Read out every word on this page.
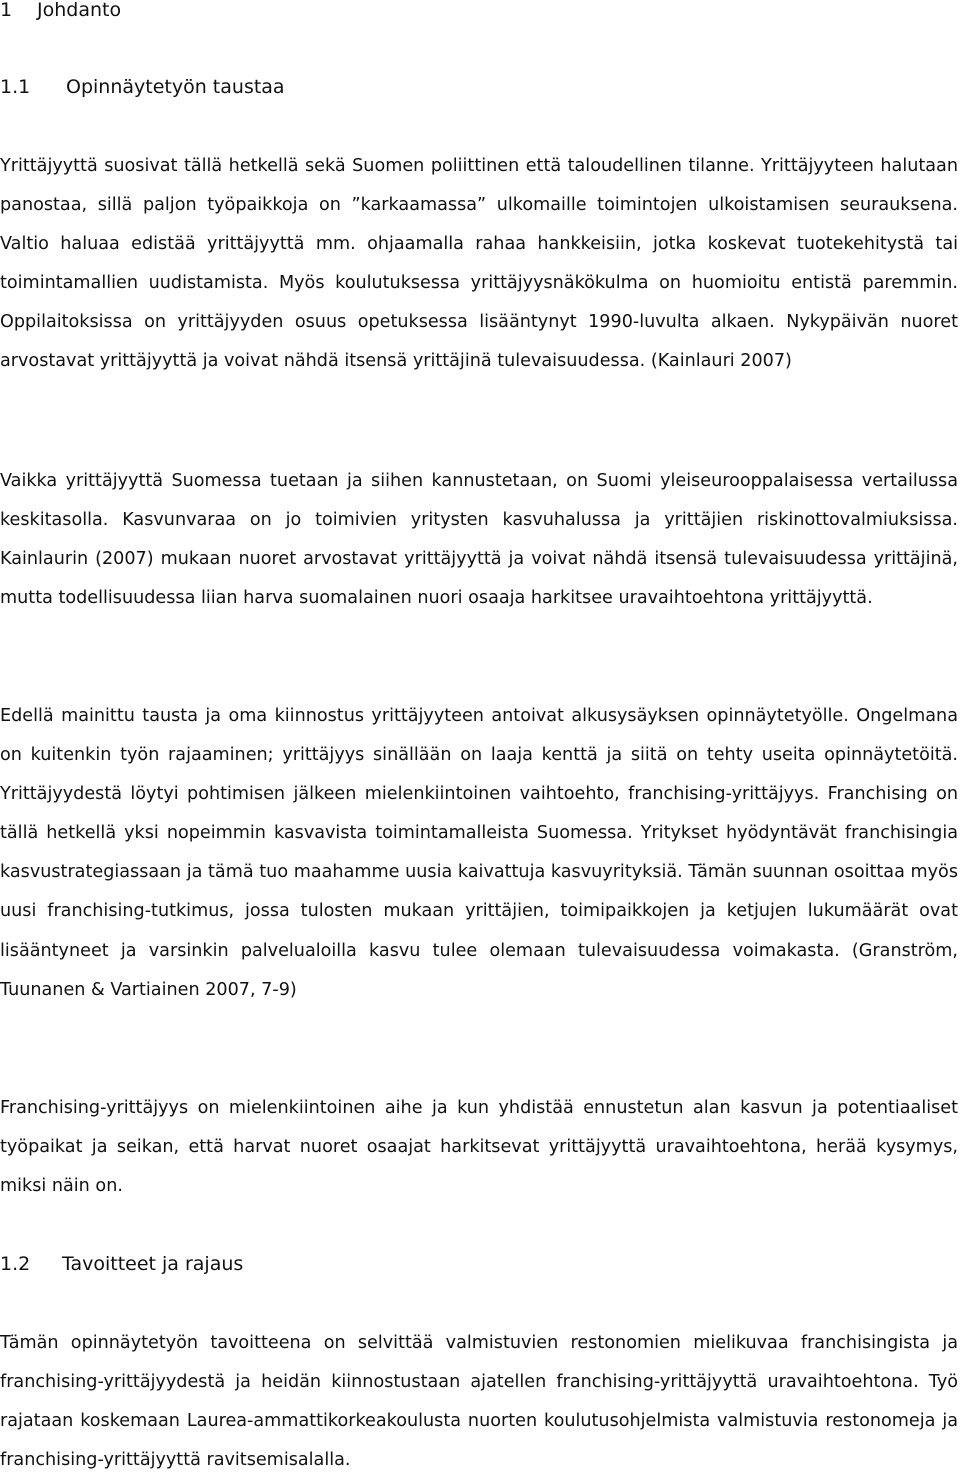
1 Johdanto
1.1 Opinnäytetyön taustaa

Yrittäjyyttä suosivat tällä hetkellä sekä Suomen poliittinen että taloudellinen tilanne. Yrittäjyyteen halutaan panostaa, sillä paljon työpaikkoja on ”karkaamassa” ulkomaille toimintojen ulkoistamisen seurauksena. Valtio haluaa edistää yrittäjyyttä mm. ohjaamalla rahaa hankkeisiin, jotka koskevat tuotekehitystä tai toimintamallien uudistamista. Myös koulutuksessa yrittäjyysnäkökulma on huomioitu entistä paremmin. Oppilaitoksissa on yrittäjyyden osuus opetuksessa lisääntynyt 1990-luvulta alkaen. Nykypäivän nuoret arvostavat yrittäjyyttä ja voivat nähdä itsensä yrittäjinä tulevaisuudessa. (Kainlauri 2007)

Vaikka yrittäjyyttä Suomessa tuetaan ja siihen kannustetaan, on Suomi yleiseurooppalaisessa vertailussa keskitasolla. Kasvunvaraa on jo toimivien yritysten kasvuhalussa ja yrittäjien riskinottovalmiuksissa. Kainlaurin (2007) mukaan nuoret arvostavat yrittäjyyttä ja voivat nähdä itsensä tulevaisuudessa yrittäjinä, mutta todellisuudessa liian harva suomalainen nuori osaaja harkitsee uravaihtoehtona yrittäjyyttä.

Edellä mainittu tausta ja oma kiinnostus yrittäjyyteen antoivat alkusysäyksen opinnäytetyölle. Ongelmana on kuitenkin työn rajaaminen; yrittäjyys sinällään on laaja kenttä ja siitä on tehty useita opinnäytetöitä. Yrittäjyydestä löytyi pohtimisen jälkeen mielenkiintoinen vaihtoehto, franchising-yrittäjyys. Franchising on tällä hetkellä yksi nopeimmin kasvavista toimintamalleista Suomessa. Yritykset hyödyntävät franchisingia kasvustrategiassaan ja tämä tuo maahamme uusia kaivattuja kasvuyrityksiä. Tämän suunnan osoittaa myös uusi franchising-tutkimus, jossa tulosten mukaan yrittäjien, toimipaikkojen ja ketjujen lukumäärät ovat lisääntyneet ja varsinkin palvelualoilla kasvu tulee olemaan tulevaisuudessa voimakasta. (Granström, Tuunanen & Vartiainen 2007, 7-9)

Franchising-yrittäjyys on mielenkiintoinen aihe ja kun yhdistää ennustetun alan kasvun ja potentiaaliset työpaikat ja seikan, että harvat nuoret osaajat harkitsevat yrittäjyyttä uravaihtoehtona, herää kysymys, miksi näin on.

1.2 Tavoitteet ja rajaus

Tämän opinnäytetyön tavoitteena on selvittää valmistuvien restonomien mielikuvaa franchisingista ja franchising-yrittäjyydestä ja heidän kiinnostustaan ajatellen franchising-yrittäjyyttä uravaihtoehtona. Työ rajataan koskemaan Laurea-ammattikorkeakoulusta nuorten koulutusohjelmista valmistuvia restonomeja ja franchising-yrittäjyyttä ravitsemisalalla.
